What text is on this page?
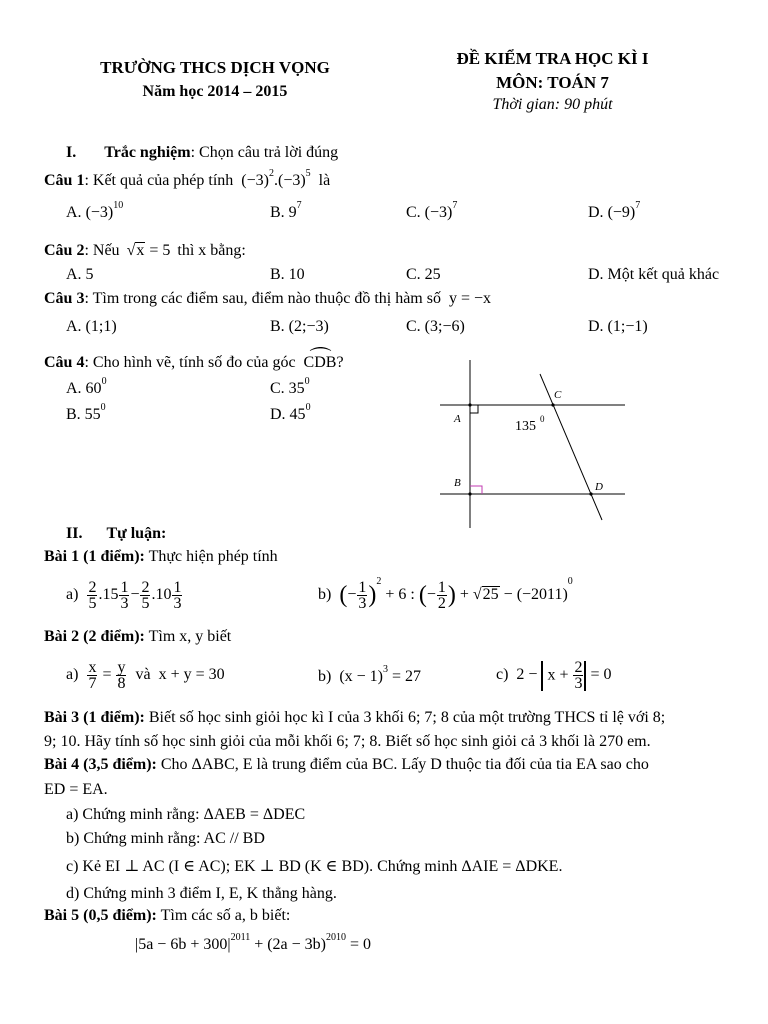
TRƯỜNG THCS DỊCH VỌNG
Năm học 2014 – 2015
ĐỀ KIỂM TRA HỌC KÌ I
MÔN: TOÁN 7
Thời gian: 90 phút
I. Trắc nghiệm: Chọn câu trả lời đúng
Câu 1: Kết quả của phép tính $(-3)^2.(-3)^5$ là
A. $(-3)^{10}$	B. $9^7$	C. $(-3)^7$	D. $(-9)^7$
Câu 2: Nếu √x = 5 thì x bằng:
A. 5	B. 10	C. 25	D. Một kết quả khác
Câu 3: Tìm trong các điểm sau, điểm nào thuộc đồ thị hàm số y = −x
A. (1;1)	B. (2;−3)	C. (3;−6)	D. (1;−1)
Câu 4: Cho hình vẽ, tính số đo của góc ⌒ CDB?
A. $60^0$	C. $35^0$
B. $55^0$	D. $45^0$
A
B
C
D
135 0
II. Tự luận:
Bài 1 (1 điểm): Thực hiện phép tính
$a) \frac{2}{5} .15 \frac{1}{3} - \frac{2}{5} .10 \frac{1}{3}$	b)  (− $\frac{1}{3} )^2 + 6$ : (− $\frac{1}{2}$ ) + $√25 - (-2011)^0$
Bài 2 (2 điểm): Tìm x, y biết
$a) \frac{x}{7} = \frac{y}{8}$ và  x + y = 30	b)  $(x - 1)^3 = 27$	c)  $2 - x + \frac{2}{3} = 0$
Bài 3 (1 điểm): Biết số học sinh giỏi học kì I của 3 khối 6; 7; 8 của một trường THCS tỉ lệ với 8;
9; 10. Hãy tính số học sinh giỏi của mỗi khối 6; 7; 8. Biết số học sinh giỏi cả 3 khối là 270 em.
Bài 4 (3,5 điểm): Cho ΔABC, E là trung điểm của BC. Lấy D thuộc tia đối của tia EA sao cho
ED = EA.
a) Chứng minh rằng: ΔAEB = ΔDEC
b) Chứng minh rằng: AC // BD
c) Kẻ EI ⊥ AC (I ∈ AC); EK ⊥ BD (K ∈ BD). Chứng minh ΔAIE = ΔDKE.
d) Chứng minh 3 điểm I, E, K thẳng hàng.
Bài 5 (0,5 điểm): Tìm các số a, b biết:
$|5a - 6b + 300|^{2011} + (2a - 3b)^{2010} = 0$
